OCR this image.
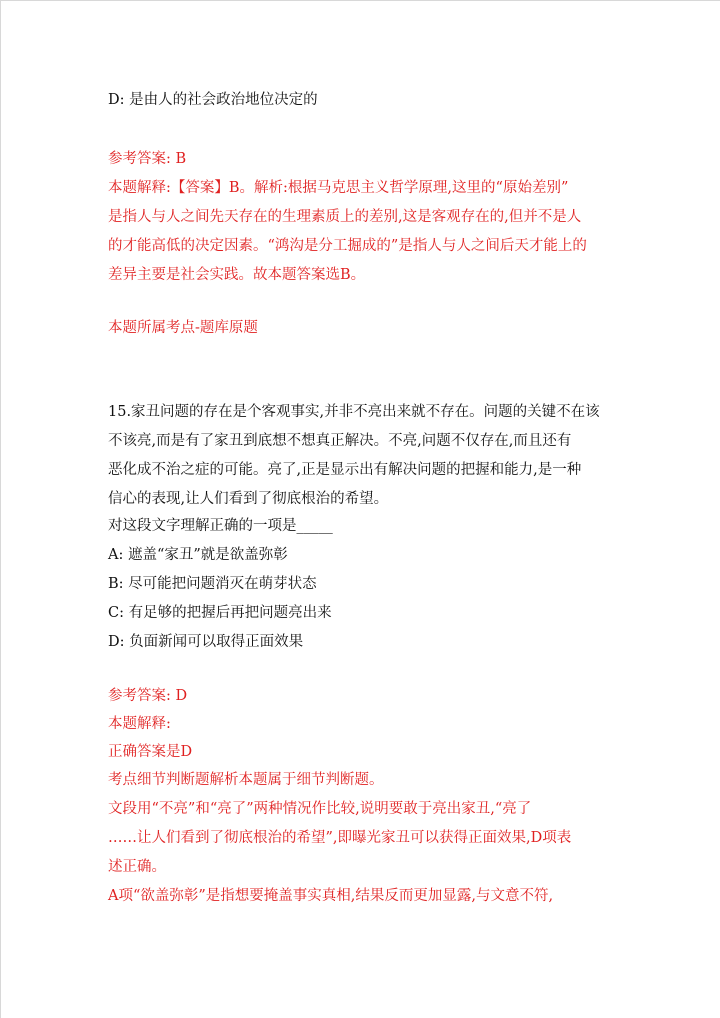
D: 是由人的社会政治地位决定的
参考答案: B
本题解释:【答案】B。解析:根据马克思主义哲学原理,这里的“原始差别”
是指人与人之间先天存在的生理素质上的差别,这是客观存在的,但并不是人
的才能高低的决定因素。“鸿沟是分工掘成的”是指人与人之间后天才能上的
差异主要是社会实践。故本题答案选B。
本题所属考点-题库原题
15.家丑问题的存在是个客观事实,并非不亮出来就不存在。问题的关键不在该
不该亮,而是有了家丑到底想不想真正解决。不亮,问题不仅存在,而且还有
恶化成不治之症的可能。亮了,正是显示出有解决问题的把握和能力,是一种
信心的表现,让人们看到了彻底根治的希望。
对这段文字理解正确的一项是_____
A: 遮盖“家丑”就是欲盖弥彰
B: 尽可能把问题消灭在萌芽状态
C: 有足够的把握后再把问题亮出来
D: 负面新闻可以取得正面效果
参考答案: D
本题解释:
正确答案是D
考点细节判断题解析本题属于细节判断题。
文段用“不亮”和“亮了”两种情况作比较,说明要敢于亮出家丑,“亮了
……让人们看到了彻底根治的希望”,即曝光家丑可以获得正面效果,D项表
述正确。
A项“欲盖弥彰”是指想要掩盖事实真相,结果反而更加显露,与文意不符,
